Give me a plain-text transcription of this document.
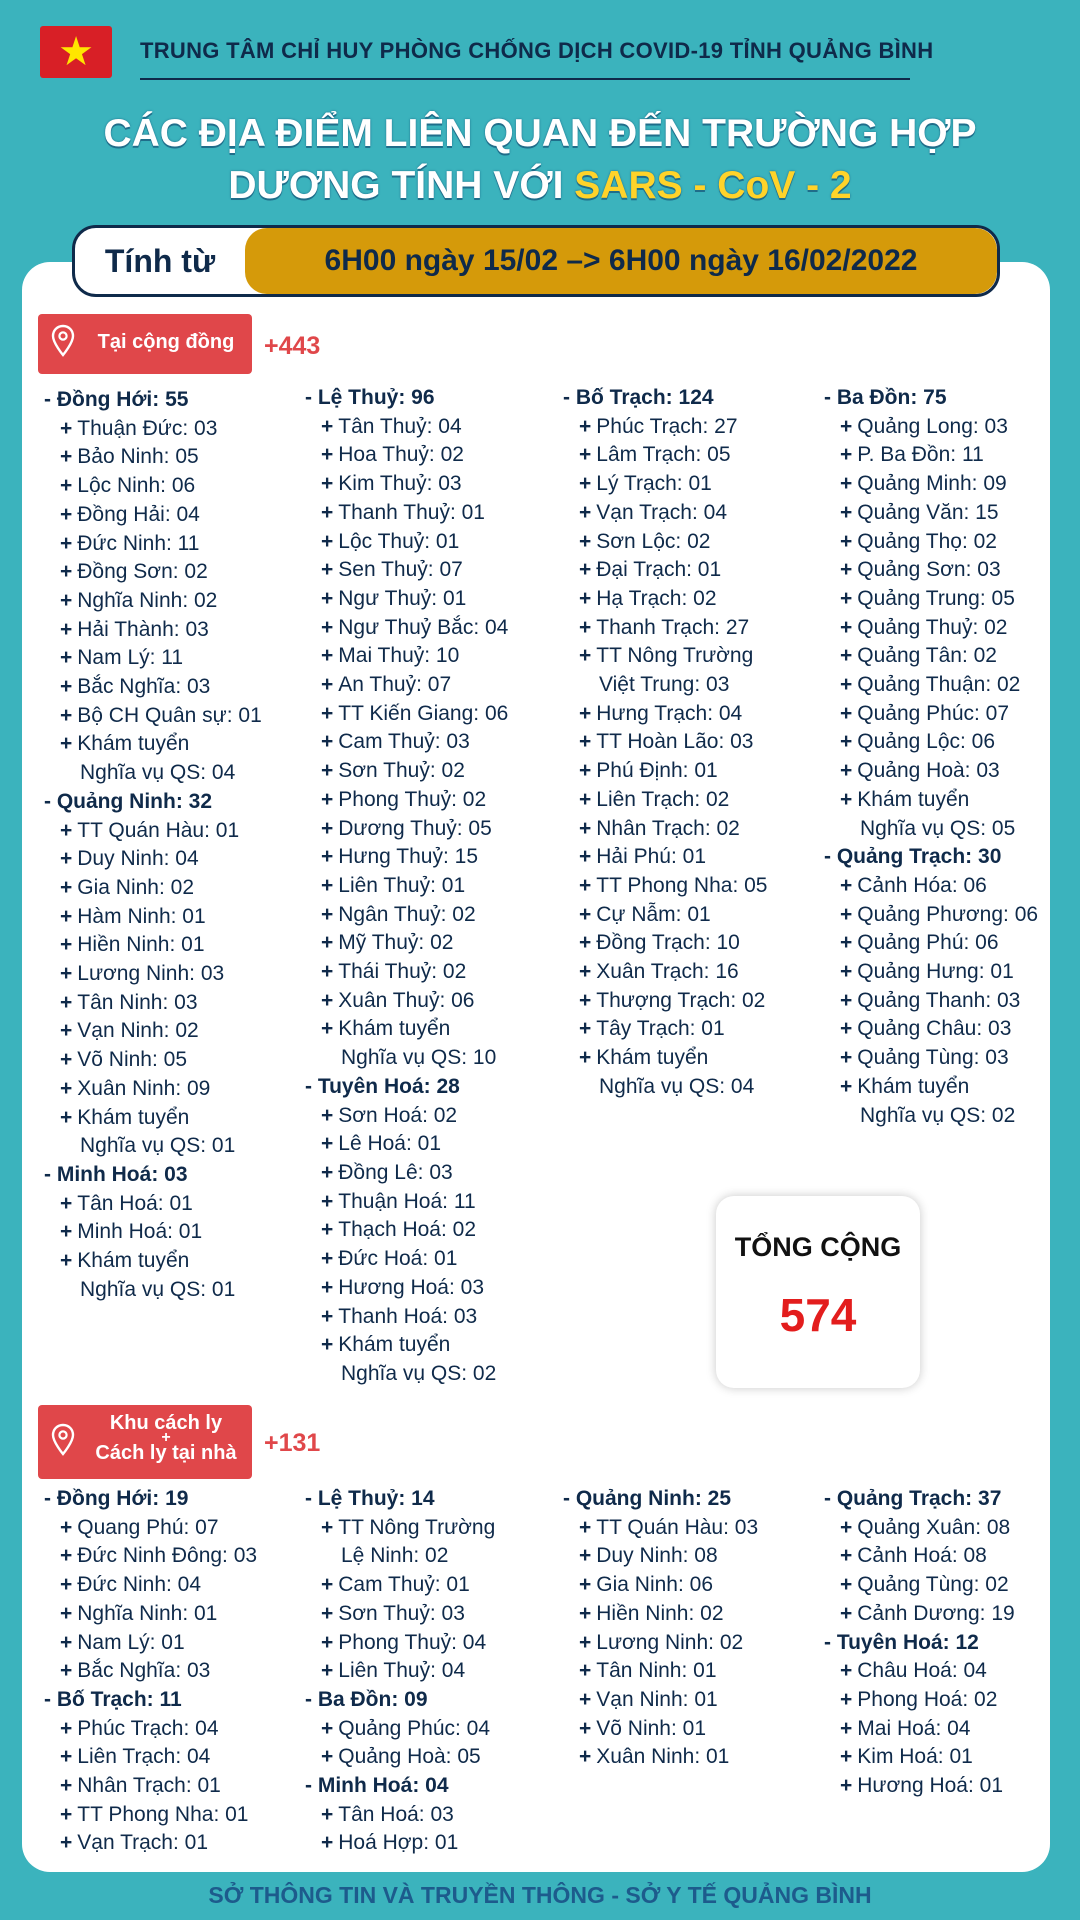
★	TRUNG TÂM CHỈ HUY PHÒNG CHỐNG DỊCH COVID-19 TỈNH QUẢNG BÌNH
CÁC ĐỊA ĐIỂM LIÊN QUAN ĐẾN TRƯỜNG HỢP
DƯƠNG TÍNH VỚI SARS - CoV - 2
Tính từ	6H00 ngày 15/02 –> 6H00 ngày 16/02/2022
Tại cộng đồng	+443
- Đồng Hới: 55
+ Thuận Đức: 03
+ Bảo Ninh: 05
+ Lộc Ninh: 06
+ Đồng Hải: 04
+ Đức Ninh: 11
+ Đồng Sơn: 02
+ Nghĩa Ninh: 02
+ Hải Thành: 03
+ Nam Lý: 11
+ Bắc Nghĩa: 03
+ Bộ CH Quân sự: 01
+ Khám tuyển
Nghĩa vụ QS: 04
- Quảng Ninh: 32
+ TT Quán Hàu: 01
+ Duy Ninh: 04
+ Gia Ninh: 02
+ Hàm Ninh: 01
+ Hiền Ninh: 01
+ Lương Ninh: 03
+ Tân Ninh: 03
+ Vạn Ninh: 02
+ Võ Ninh: 05
+ Xuân Ninh: 09
+ Khám tuyển
Nghĩa vụ QS: 01
- Minh Hoá: 03
+ Tân Hoá: 01
+ Minh Hoá: 01
+ Khám tuyển
Nghĩa vụ QS: 01
- Lệ Thuỷ: 96
+ Tân Thuỷ: 04
+ Hoa Thuỷ: 02
+ Kim Thuỷ: 03
+ Thanh Thuỷ: 01
+ Lộc Thuỷ: 01
+ Sen Thuỷ: 07
+ Ngư Thuỷ: 01
+ Ngư Thuỷ Bắc: 04
+ Mai Thuỷ: 10
+ An Thuỷ: 07
+ TT Kiến Giang: 06
+ Cam Thuỷ: 03
+ Sơn Thuỷ: 02
+ Phong Thuỷ: 02
+ Dương Thuỷ: 05
+ Hưng Thuỷ: 15
+ Liên Thuỷ: 01
+ Ngân Thuỷ: 02
+ Mỹ Thuỷ: 02
+ Thái Thuỷ: 02
+ Xuân Thuỷ: 06
+ Khám tuyển
Nghĩa vụ QS: 10
- Tuyên Hoá: 28
+ Sơn Hoá: 02
+ Lê Hoá: 01
+ Đồng Lê: 03
+ Thuận Hoá: 11
+ Thạch Hoá: 02
+ Đức Hoá: 01
+ Hương Hoá: 03
+ Thanh Hoá: 03
+ Khám tuyển
Nghĩa vụ QS: 02
- Bố Trạch: 124
+ Phúc Trạch: 27
+ Lâm Trạch: 05
+ Lý Trạch: 01
+ Vạn Trạch: 04
+ Sơn Lộc: 02
+ Đại Trạch: 01
+ Hạ Trạch: 02
+ Thanh Trạch: 27
+ TT Nông Trường
Việt Trung: 03
+ Hưng Trạch: 04
+ TT Hoàn Lão: 03
+ Phú Định: 01
+ Liên Trạch: 02
+ Nhân Trạch: 02
+ Hải Phú: 01
+ TT Phong Nha: 05
+ Cự Nẫm: 01
+ Đồng Trạch: 10
+ Xuân Trạch: 16
+ Thượng Trạch: 02
+ Tây Trạch: 01
+ Khám tuyển
Nghĩa vụ QS: 04
- Ba Đồn: 75
+ Quảng Long: 03
+ P. Ba Đồn: 11
+ Quảng Minh: 09
+ Quảng Văn: 15
+ Quảng Thọ: 02
+ Quảng Sơn: 03
+ Quảng Trung: 05
+ Quảng Thuỷ: 02
+ Quảng Tân: 02
+ Quảng Thuận: 02
+ Quảng Phúc: 07
+ Quảng Lộc: 06
+ Quảng Hoà: 03
+ Khám tuyển
Nghĩa vụ QS: 05
- Quảng Trạch: 30
+ Cảnh Hóa: 06
+ Quảng Phương: 06
+ Quảng Phú: 06
+ Quảng Hưng: 01
+ Quảng Thanh: 03
+ Quảng Châu: 03
+ Quảng Tùng: 03
+ Khám tuyển
Nghĩa vụ QS: 02
TỔNG CỘNG
574
Khu cách ly
+
Cách ly tại nhà	+131
- Đồng Hới: 19
+ Quang Phú: 07
+ Đức Ninh Đông: 03
+ Đức Ninh: 04
+ Nghĩa Ninh: 01
+ Nam Lý: 01
+ Bắc Nghĩa: 03
- Bố Trạch: 11
+ Phúc Trạch: 04
+ Liên Trạch: 04
+ Nhân Trạch: 01
+ TT Phong Nha: 01
+ Vạn Trạch: 01
- Lệ Thuỷ: 14
+ TT Nông Trường
Lệ Ninh: 02
+ Cam Thuỷ: 01
+ Sơn Thuỷ: 03
+ Phong Thuỷ: 04
+ Liên Thuỷ: 04
- Ba Đồn: 09
+ Quảng Phúc: 04
+ Quảng Hoà: 05
- Minh Hoá: 04
+ Tân Hoá: 03
+ Hoá Hợp: 01
- Quảng Ninh: 25
+ TT Quán Hàu: 03
+ Duy Ninh: 08
+ Gia Ninh: 06
+ Hiền Ninh: 02
+ Lương Ninh: 02
+ Tân Ninh: 01
+ Vạn Ninh: 01
+ Võ Ninh: 01
+ Xuân Ninh: 01
- Quảng Trạch: 37
+ Quảng Xuân: 08
+ Cảnh Hoá: 08
+ Quảng Tùng: 02
+ Cảnh Dương: 19
- Tuyên Hoá: 12
+ Châu Hoá: 04
+ Phong Hoá: 02
+ Mai Hoá: 04
+ Kim Hoá: 01
+ Hương Hoá: 01
SỞ THÔNG TIN VÀ TRUYỀN THÔNG - SỞ Y TẾ QUẢNG BÌNH
